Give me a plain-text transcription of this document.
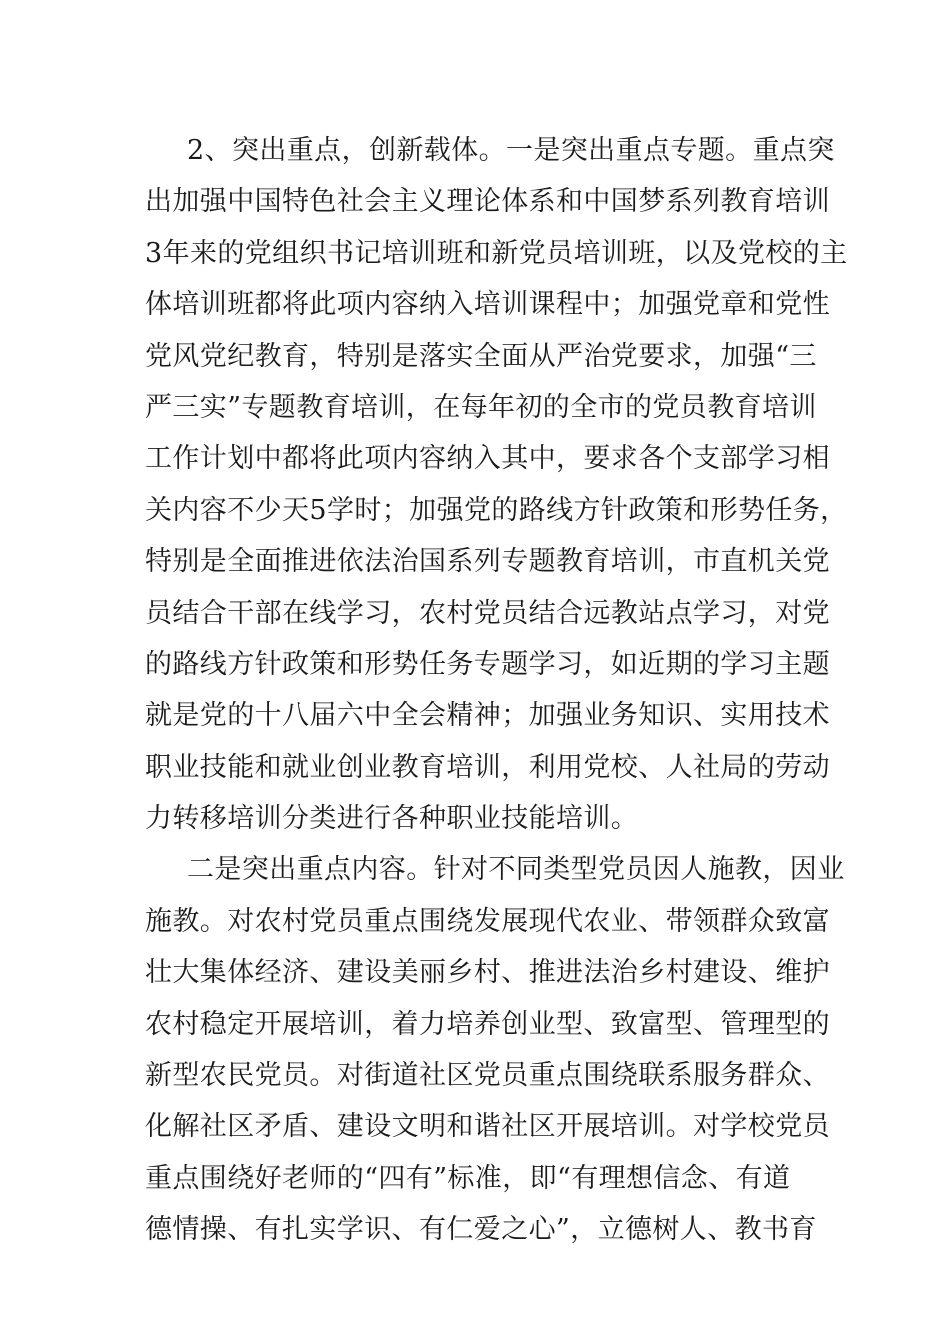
2、突出重点，创新载体。一是突出重点专题。重点突
出加强中国特色社会主义理论体系和中国梦系列教育培训
3年来的党组织书记培训班和新党员培训班，以及党校的主
体培训班都将此项内容纳入培训课程中；加强党章和党性
党风党纪教育，特别是落实全面从严治党要求，加强“三
严三实”专题教育培训，在每年初的全市的党员教育培训
工作计划中都将此项内容纳入其中，要求各个支部学习相
关内容不少天5学时；加强党的路线方针政策和形势任务，
特别是全面推进依法治国系列专题教育培训，市直机关党
员结合干部在线学习，农村党员结合远教站点学习，对党
的路线方针政策和形势任务专题学习，如近期的学习主题
就是党的十八届六中全会精神；加强业务知识、实用技术
职业技能和就业创业教育培训，利用党校、人社局的劳动
力转移培训分类进行各种职业技能培训。
二是突出重点内容。针对不同类型党员因人施教，因业
施教。对农村党员重点围绕发展现代农业、带领群众致富
壮大集体经济、建设美丽乡村、推进法治乡村建设、维护
农村稳定开展培训，着力培养创业型、致富型、管理型的
新型农民党员。对街道社区党员重点围绕联系服务群众、
化解社区矛盾、建设文明和谐社区开展培训。对学校党员
重点围绕好老师的“四有”标准，即“有理想信念、有道
德情操、有扎实学识、有仁爱之心”，立德树人、教书育
